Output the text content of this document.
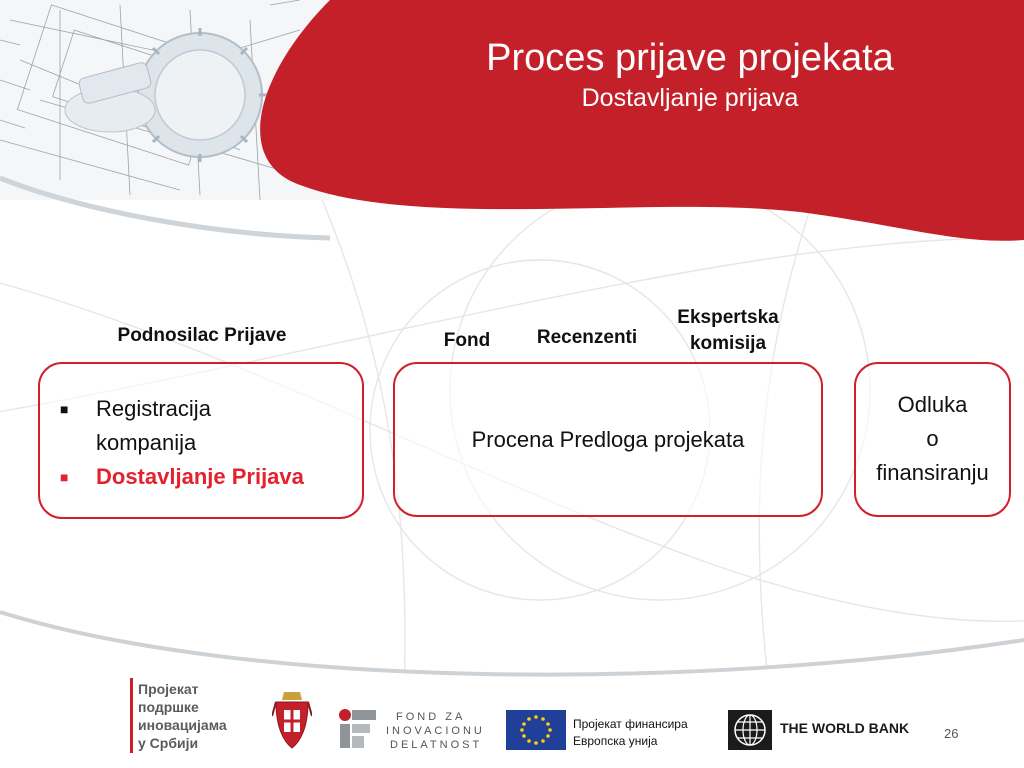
Proces prijave projekata
Dostavljanje prijava
Podnosilac Prijave	Fond	Recenzenti
Ekspertska
komisija
■ Registracija
kompanija
■ Dostavljanje Prijava
Procena Predloga projekata
Odluka
o
finansiranju
Пројекат
подршке
иновацијама
у Србији
FOND ZA
INOVACIONU
DELATNOST
Пројекат финансира
Европска унија
THE WORLD BANK	26
